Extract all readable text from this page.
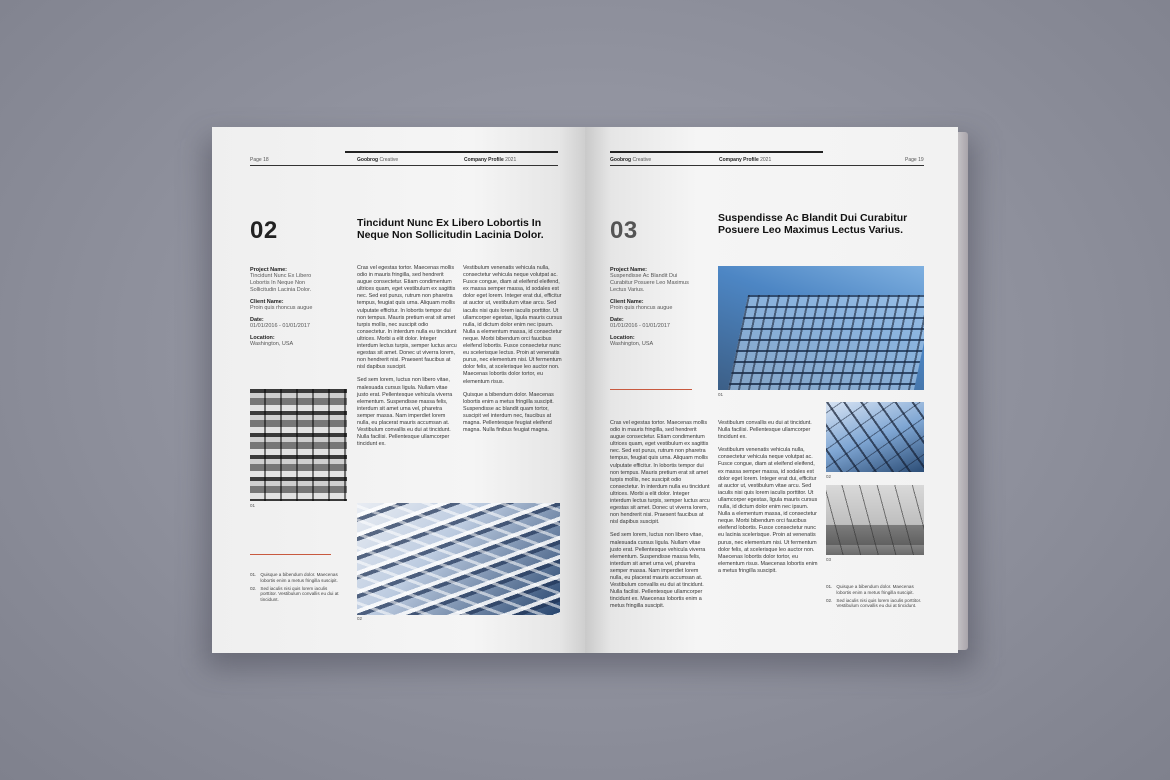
Page 18	Goobrog Creative	Company Profile 2021
02	Tincidunt Nunc Ex Libero Lobortis In Neque Non Sollicitudin Lacinia Dolor.
Project Name:
Tincidunt Nunc Ex Libero Lobortis In Neque Non Sollicitudin Lacinia Dolor.
Client Name:
Proin quis rhoncus augue
Date:
01/01/2016 - 01/01/2017
Location:
Washington, USA
01

Cras vel egestas tortor. Maecenas mollis odio in mauris fringilla, sed hendrerit augue consectetur. Etiam condimentum ultrices quam, eget vestibulum ex sagittis nec. Sed est purus, rutrum non pharetra tempus, feugiat quis urna. Aliquam mollis vulputate efficitur. In lobortis tempor dui non tempus. Mauris pretium erat sit amet turpis mollis, nec suscipit odio consectetur. In interdum nulla eu tincidunt ultrices. Morbi a elit dolor. Integer interdum lectus turpis, semper luctus arcu egestas sit amet. Donec ut viverra lorem, non hendrerit nisi. Praesent faucibus at nisl dapibus suscipit.

Sed sem lorem, luctus non libero vitae, malesuada cursus ligula. Nullam vitae justo erat. Pellentesque vehicula viverra elementum. Suspendisse massa felis, interdum sit amet urna vel, pharetra semper massa. Nam imperdiet lorem nulla, eu placerat mauris accumsan at. Vestibulum convallis eu dui at tincidunt. Nulla facilisi. Pellentesque ullamcorper tincidunt ex.

Vestibulum venenatis vehicula nulla, consectetur vehicula neque volutpat ac. Fusce congue, diam at eleifend eleifend, ex massa semper massa, id sodales est dolor eget lorem. Integer erat dui, efficitur at auctor ut, vestibulum vitae arcu. Sed iaculis nisi quis lorem iaculis porttitor. Ut ullamcorper egestas, ligula mauris cursus nulla, id dictum dolor enim nec ipsum. Nulla a elementum massa, id consectetur neque. Morbi bibendum orci faucibus eleifend lobortis. Fusce consectetur nunc eu scelerisque lectus. Proin at venenatis purus, nec elementum nisi. Ut fermentum dolor felis, at scelerisque leo auctor non. Maecenas lobortis dolor tortor, eu elementum risus.

Quisque a bibendum dolor. Maecenas lobortis enim a metus fringilla suscipit. Suspendisse ac blandit quam tortor, suscipit vel interdum nec, faucibus at magna. Pellentesque feugiat eleifend magna. Nulla finibus feugiat magna.

02
01. Quisque a bibendum dolor. Maecenas lobortis enim a metus fringilla suscipit.
02. Sed iaculis nisi quis lorem iaculis porttitor. Vestibulum convallis eu dui at tincidunt.
Goobrog Creative	Company Profile 2021	Page 19
03	Suspendisse Ac Blandit Dui Curabitur Posuere Leo Maximus Lectus Varius.
Project Name:
Suspendisse Ac Blandit Dui Curabitur Posuere Leo Maximus Lectus Varius.
Client Name:
Proin quis rhoncus augue
Date:
01/01/2016 - 01/01/2017
Location:
Washington, USA
01

Cras vel egestas tortor. Maecenas mollis odio in mauris fringilla, sed hendrerit augue consectetur. Etiam condimentum ultrices quam, eget vestibulum ex sagittis nec. Sed est purus, rutrum non pharetra tempus, feugiat quis urna. Aliquam mollis vulputate efficitur. In lobortis tempor dui non tempus. Mauris pretium erat sit amet turpis mollis, nec suscipit odio consectetur. In interdum nulla eu tincidunt ultrices. Morbi a elit dolor. Integer interdum lectus turpis, semper luctus arcu egestas sit amet. Donec ut viverra lorem, non hendrerit nisi. Praesent faucibus at nisl dapibus suscipit.

Sed sem lorem, luctus non libero vitae, malesuada cursus ligula. Nullam vitae justo erat. Pellentesque vehicula viverra elementum. Suspendisse massa felis, interdum sit amet urna vel, pharetra semper massa. Nam imperdiet lorem nulla, eu placerat mauris accumsan at. Vestibulum convallis eu dui at tincidunt. Nulla facilisi. Pellentesque ullamcorper tincidunt ex. Maecenas lobortis enim a metus fringilla suscipit.

Vestibulum convallis eu dui at tincidunt. Nulla facilisi. Pellentesque ullamcorper tincidunt ex.

Vestibulum venenatis vehicula nulla, consectetur vehicula neque volutpat ac. Fusce congue, diam at eleifend eleifend, ex massa semper massa, id sodales est dolor eget lorem. Integer erat dui, efficitur at auctor ut, vestibulum vitae arcu. Sed iaculis nisi quis lorem iaculis porttitor. Ut ullamcorper egestas, ligula mauris cursus nulla, id dictum dolor enim nec ipsum. Nulla a elementum massa, id consectetur neque. Morbi bibendum orci faucibus eleifend lobortis. Fusce consectetur nunc eu lacinia scelerisque. Proin at venenatis purus, nec elementum nisi. Ut fermentum dolor felis, at scelerisque leo auctor non. Maecenas lobortis dolor tortor, eu elementum risus. Maecenas lobortis enim a metus fringilla suscipit.

02
03
01. Quisque a bibendum dolor. Maecenas lobortis enim a metus fringilla suscipit.
02. Sed iaculis nisi quis lorem iaculis porttitor. Vestibulum convallis eu dui at tincidunt.
